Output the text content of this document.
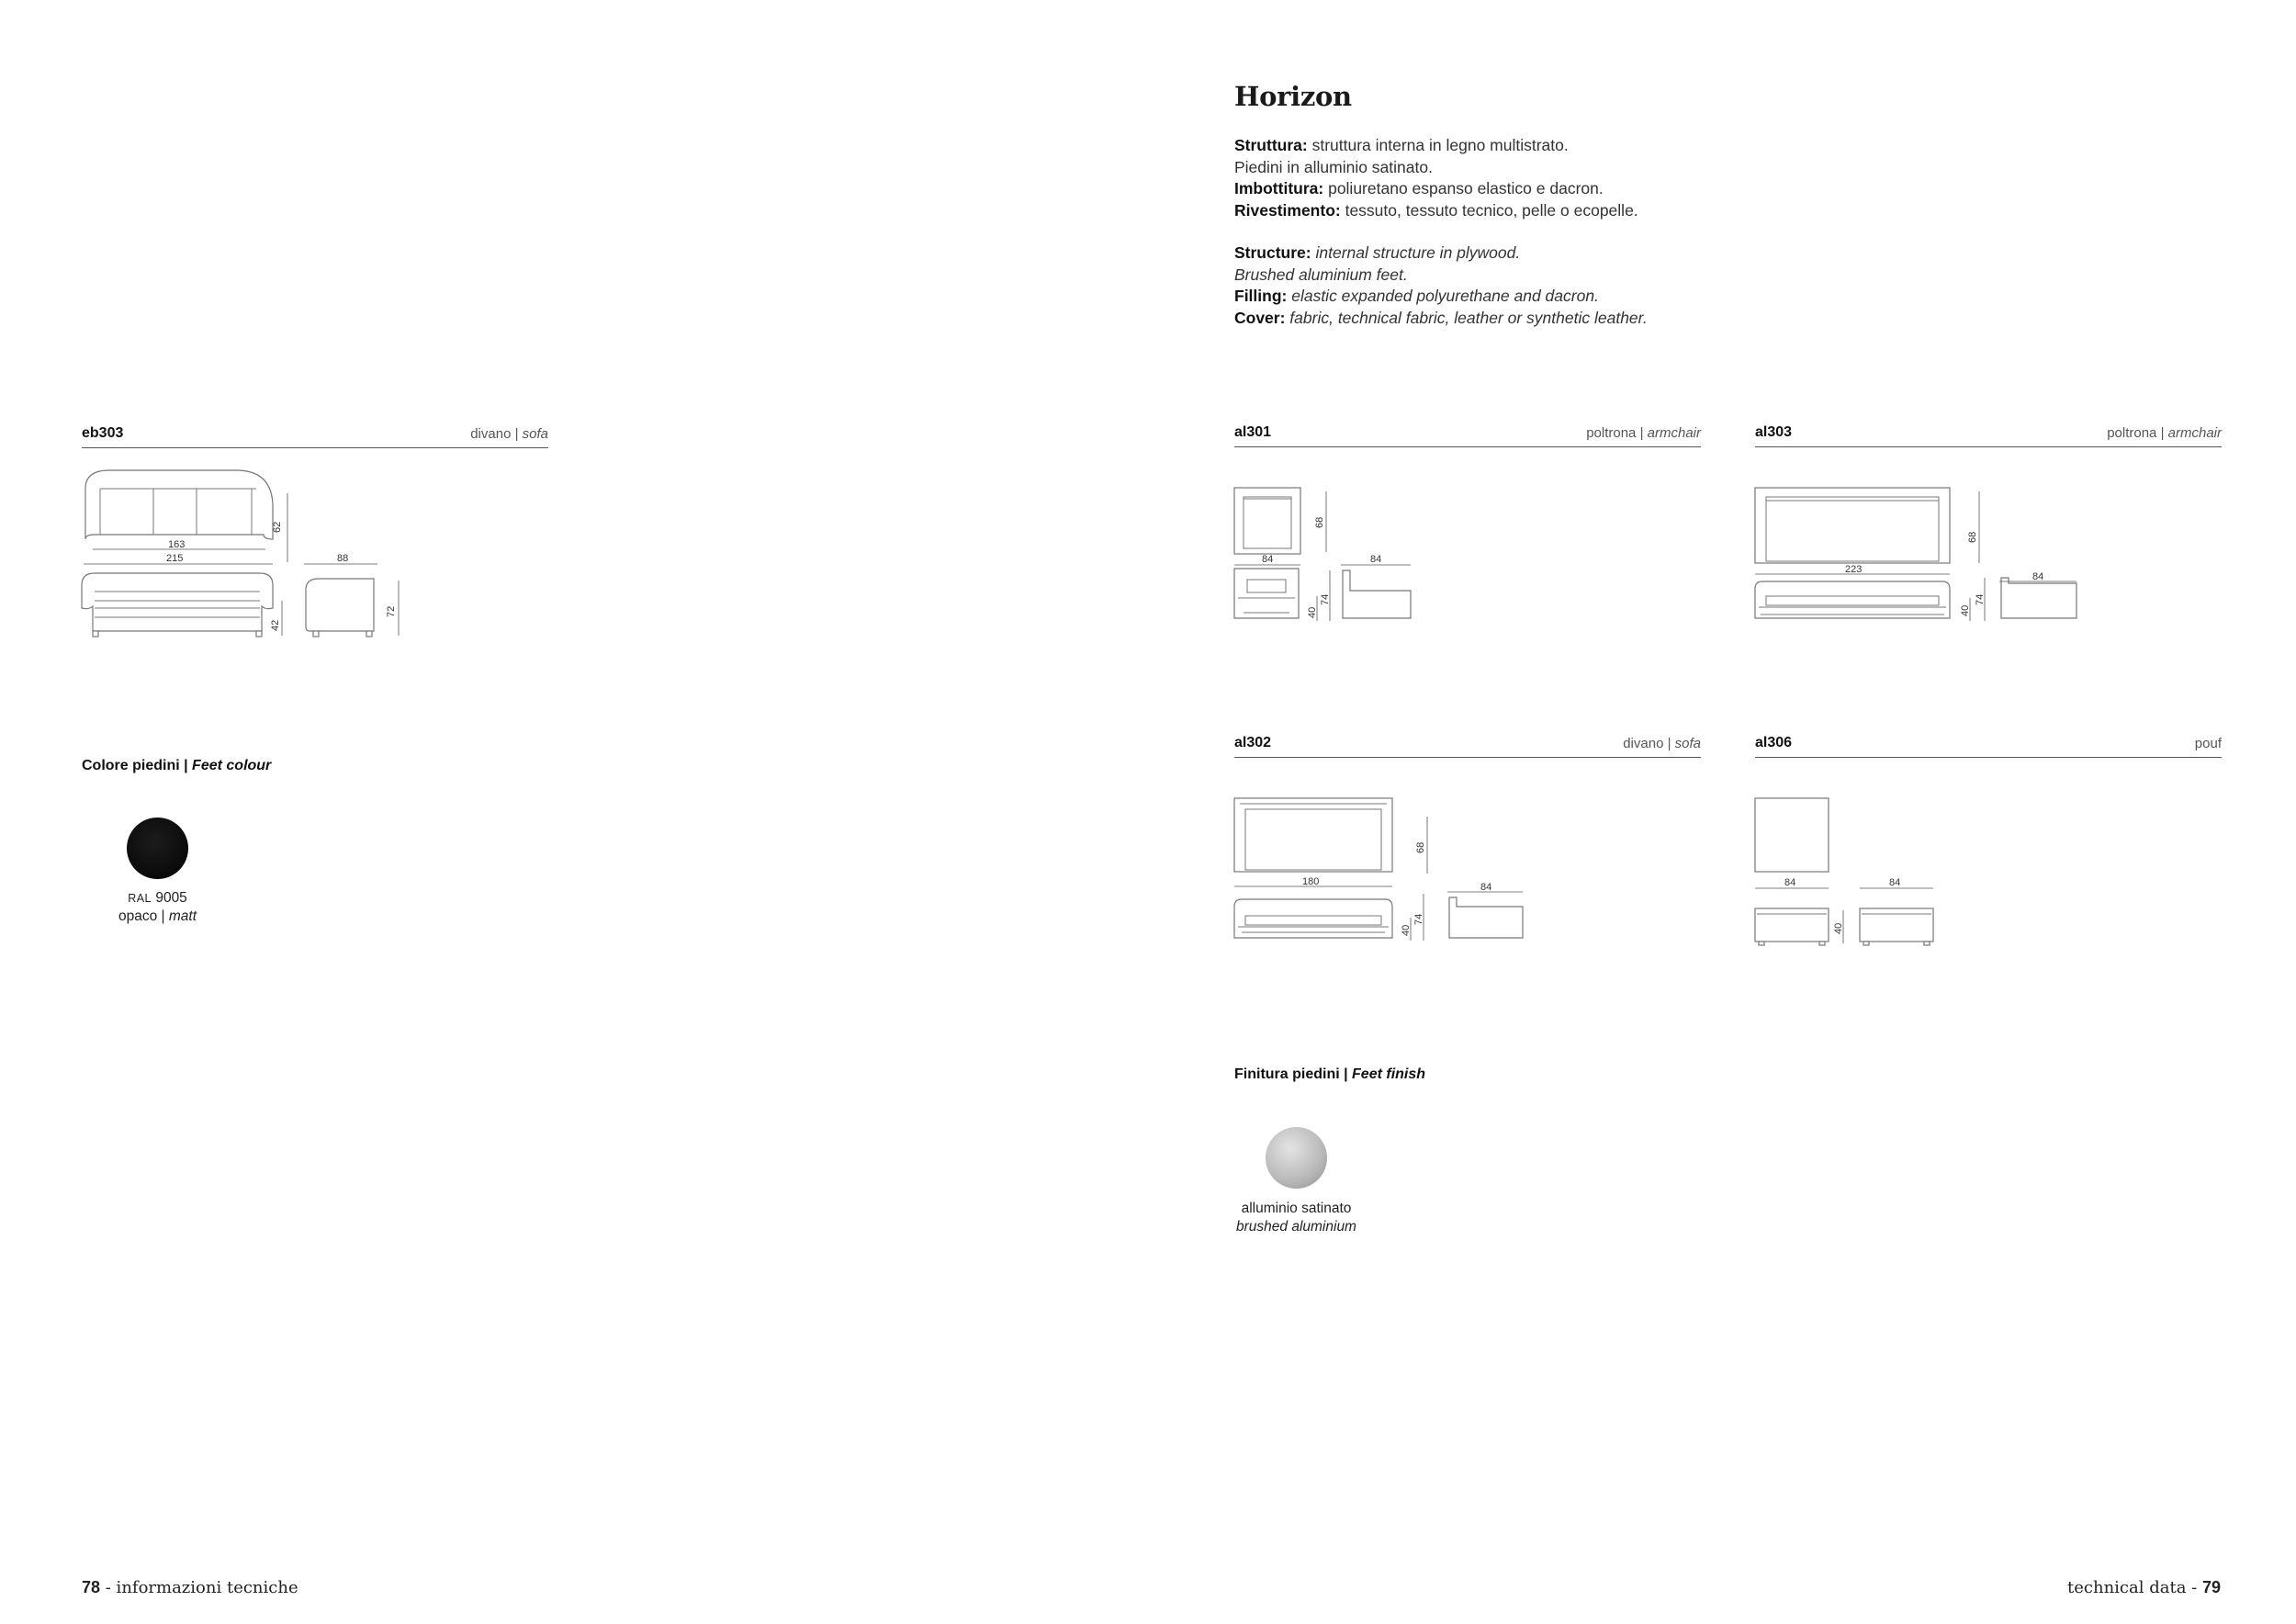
Horizon
Struttura: struttura interna in legno multistrato.
Piedini in alluminio satinato.
Imbottitura: poliuretano espanso elastico e dacron.
Rivestimento: tessuto, tessuto tecnico, pelle o ecopelle.
Structure: internal structure in plywood.
Brushed aluminium feet.
Filling: elastic expanded polyurethane and dacron.
Cover: fabric, technical fabric, leather or synthetic leather.
eb303	divano | sofa
62
163
215
42
88
72
al301	poltrona | armchair
68
84
40
74
84
al303	poltrona | armchair
68
223
40
74
84
al302	divano | sofa
68
180
40
74
84
al306	pouf
84
40
84
Colore piedini | Feet colour
RAL 9005
opaco | matt
Finitura piedini | Feet finish
alluminio satinato
brushed aluminium
78 - informazioni tecniche	technical data - 79
